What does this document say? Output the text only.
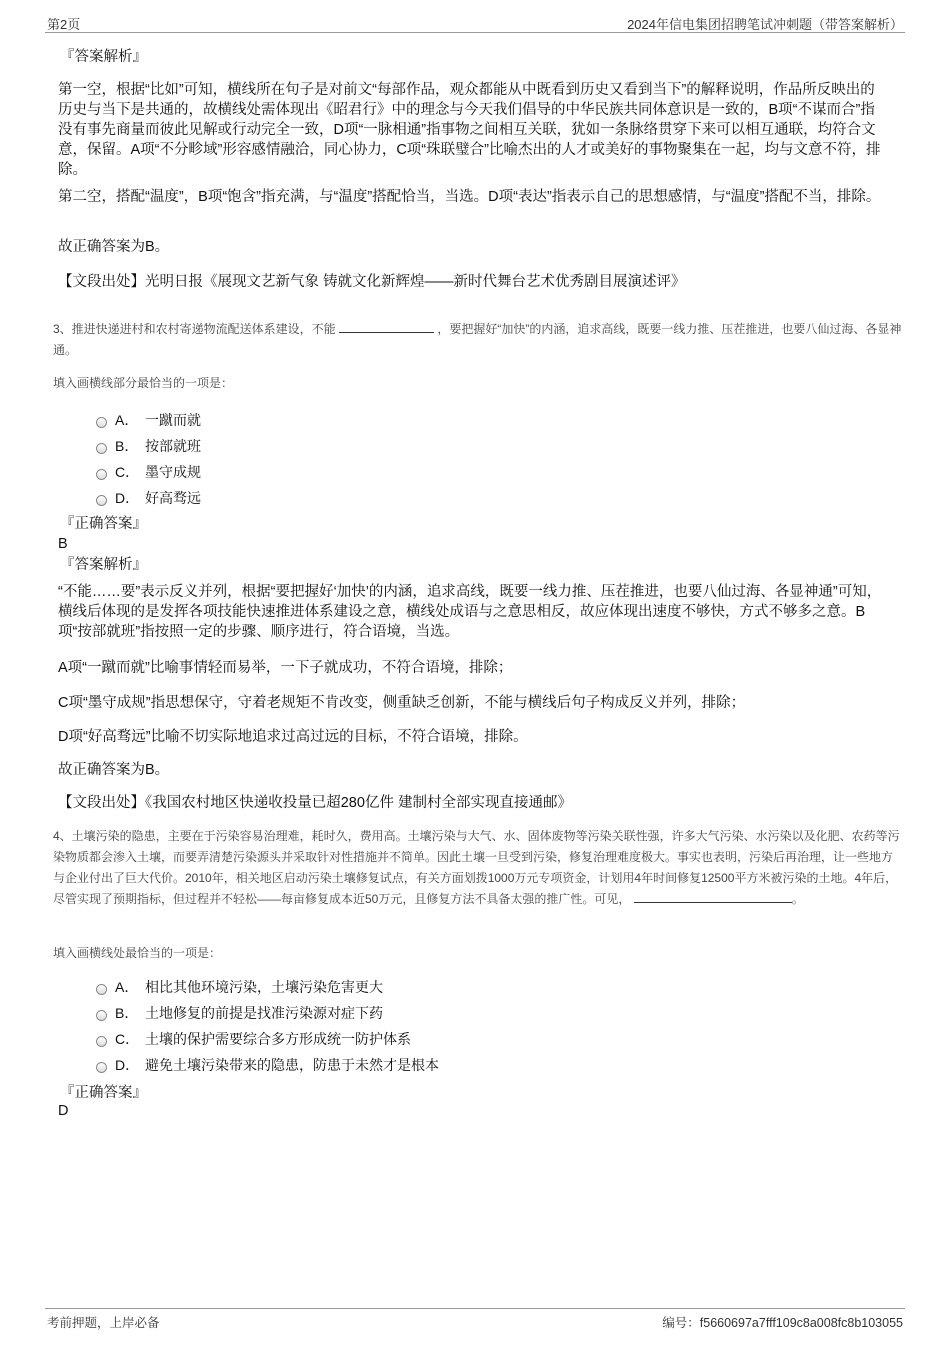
第2页	2024年信电集团招聘笔试冲刺题（带答案解析）
『答案解析』
第一空，根据“比如”可知，横线所在句子是对前文“每部作品，观众都能从中既看到历史又看到当下”的解释说明，作品所反映出的历史与当下是共通的，故横线处需体现出《昭君行》中的理念与今天我们倡导的中华民族共同体意识是一致的，B项“不谋而合”指没有事先商量而彼此见解或行动完全一致，D项“一脉相通”指事物之间相互关联，犹如一条脉络贯穿下来可以相互通联，均符合文意，保留。A项“不分畛域”形容感情融洽，同心协力，C项“珠联璧合”比喻杰出的人才或美好的事物聚集在一起，均与文意不符，排除。
第二空，搭配“温度”，B项“饱含”指充满，与“温度”搭配恰当，当选。D项“表达”指表示自己的思想感情，与“温度”搭配不当，排除。
故正确答案为B。
【文段出处】光明日报《展现文艺新气象 铸就文化新辉煌——新时代舞台艺术优秀剧目展演述评》
3、推进快递进村和农村寄递物流配送体系建设，不能	，要把握好“加快”的内涵，追求高线，既要一线力推、压茬推进，也要八仙过海、各显神通。
填入画横线部分最恰当的一项是：
A． 一蹴而就
B． 按部就班
C． 墨守成规
D． 好高骛远
『正确答案』
B
『答案解析』
“不能……要”表示反义并列，根据“要把握好‘加快’的内涵，追求高线，既要一线力推、压茬推进，也要八仙过海、各显神通”可知，横线后体现的是发挥各项技能快速推进体系建设之意，横线处成语与之意思相反，故应体现出速度不够快，方式不够多之意。B项“按部就班”指按照一定的步骤、顺序进行，符合语境，当选。
A项“一蹴而就”比喻事情轻而易举，一下子就成功，不符合语境，排除；
C项“墨守成规”指思想保守，守着老规矩不肯改变，侧重缺乏创新，不能与横线后句子构成反义并列，排除；
D项“好高骛远”比喻不切实际地追求过高过远的目标，不符合语境，排除。
故正确答案为B。
【文段出处】《我国农村地区快递收投量已超280亿件 建制村全部实现直接通邮》
4、土壤污染的隐患，主要在于污染容易治理难，耗时久，费用高。土壤污染与大气、水、固体废物等污染关联性强，许多大气污染、水污染以及化肥、农药等污染物质都会渗入土壤，而要弄清楚污染源头并采取针对性措施并不简单。因此土壤一旦受到污染，修复治理难度极大。事实也表明，污染后再治理，让一些地方与企业付出了巨大代价。2010年，相关地区启动污染土壤修复试点，有关方面划拨1000万元专项资金，计划用4年时间修复12500平方米被污染的土地。4年后，尽管实现了预期指标，但过程并不轻松——每亩修复成本近50万元，且修复方法不具备太强的推广性。可见，	。
填入画横线处最恰当的一项是：
A． 相比其他环境污染，土壤污染危害更大
B． 土地修复的前提是找准污染源对症下药
C． 土壤的保护需要综合多方形成统一防护体系
D． 避免土壤污染带来的隐患，防患于未然才是根本
『正确答案』
D
考前押题，上岸必备	编号：f5660697a7fff109c8a008fc8b103055
